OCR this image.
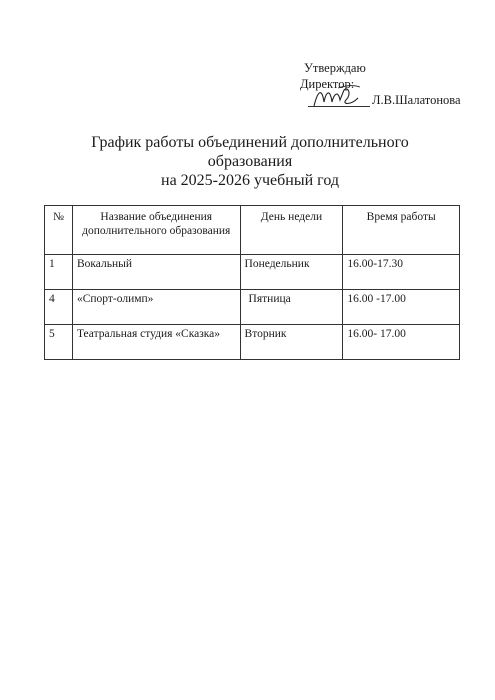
Утверждаю
Директор:
Л.В.Шалатонова
График работы объединений дополнительного
образования
на 2025-2026 учебный год
№	Название объединения дополнительного образования	День недели	Время работы
1	Вокальный	Понедельник	16.00-17.30
4	«Спорт-олимп»	Пятница	16.00 -17.00
5	Театральная студия «Сказка»	Вторник	16.00- 17.00
